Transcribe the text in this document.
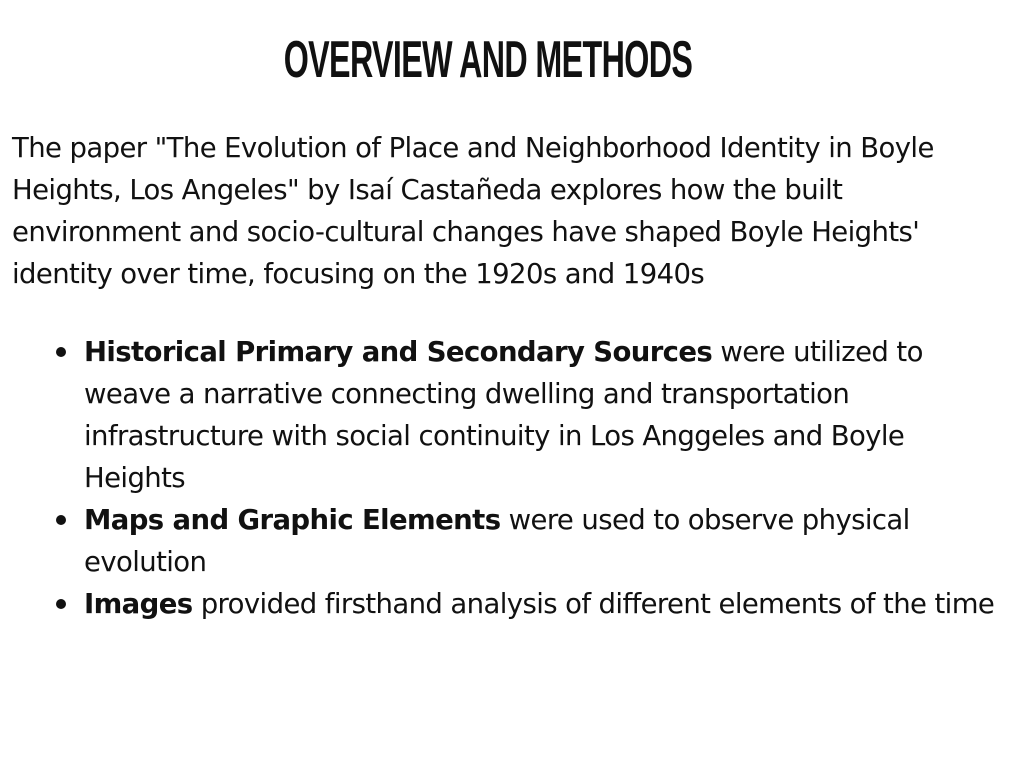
OVERVIEW AND METHODS

The paper "The Evolution of Place and Neighborhood Identity in Boyle Heights, Los Angeles" by Isaí Castañeda explores how the built environment and socio-cultural changes have shaped Boyle Heights' identity over time, focusing on the 1920s and 1940s

Historical Primary and Secondary Sources were utilized to weave a narrative connecting dwelling and transportation infrastructure with social continuity in Los Anggeles and Boyle Heights
Maps and Graphic Elements were used to observe physical evolution
Images provided firsthand analysis of different elements of the time
